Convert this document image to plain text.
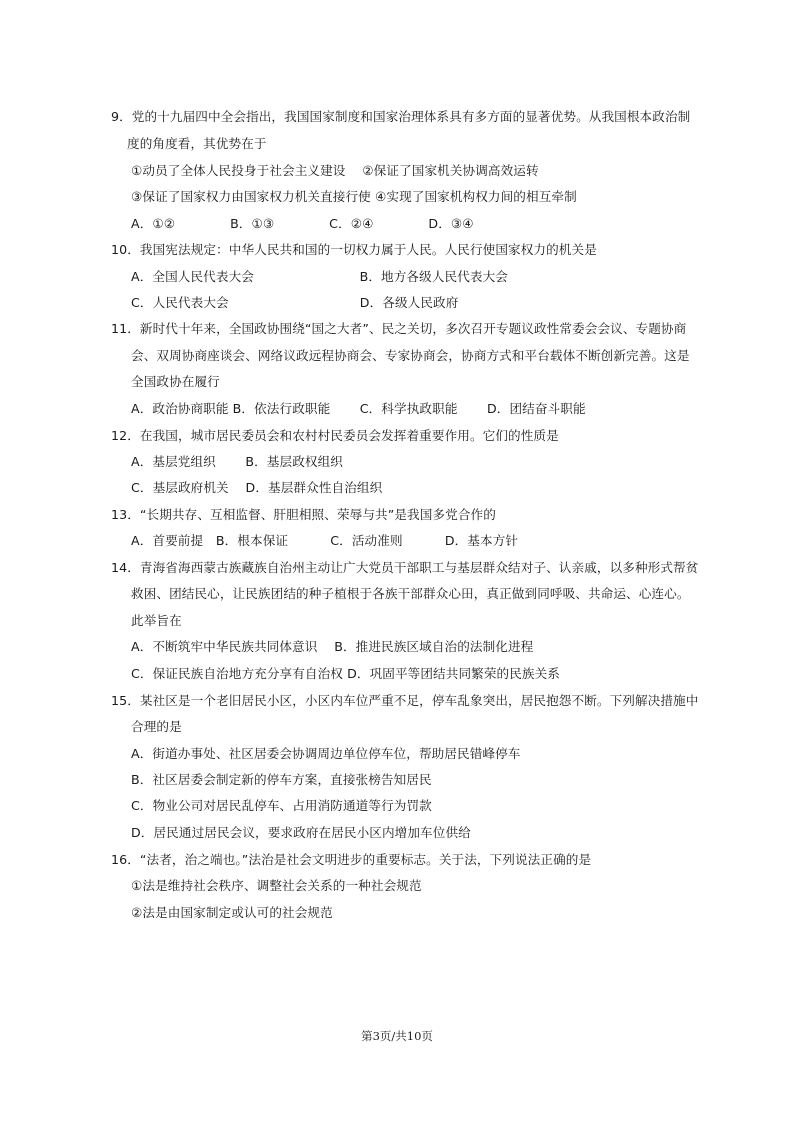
9．党的十九届四中全会指出，我国国家制度和国家治理体系具有多方面的显著优势。从我国根本政治制
度的角度看，其优势在于
①动员了全体人民投身于社会主义建设　 ②保证了国家机关协调高效运转
③保证了国家权力由国家权力机关直接行使 ④实现了国家机构权力间的相互牵制
A．①②　　　　 B．①③　　　　 C．②④　　　　 D．③④
10．我国宪法规定：中华人民共和国的一切权力属于人民。人民行使国家权力的机关是
A．全国人民代表大会　　　　　　　　 B．地方各级人民代表大会
C．人民代表大会　　　　　　　　　　 D．各级人民政府
11．新时代十年来，全国政协围绕“国之大者”、民之关切，多次召开专题议政性常委会会议、专题协商
会、双周协商座谈会、网络议政远程协商会、专家协商会，协商方式和平台载体不断创新完善。这是
全国政协在履行
A．政治协商职能 B．依法行政职能　　 C．科学执政职能　　 D．团结奋斗职能
12．在我国，城市居民委员会和农村村民委员会发挥着重要作用。它们的性质是
A．基层党组织　　 B．基层政权组织
C．基层政府机关　 D．基层群众性自治组织
13．“长期共存、互相监督、肝胆相照、荣辱与共”是我国多党合作的
A．首要前提　B．根本保证　　　 C．活动准则　　　 D．基本方针
14．青海省海西蒙古族藏族自治州主动让广大党员干部职工与基层群众结对子、认亲戚，以多种形式帮贫
救困、团结民心，让民族团结的种子植根于各族干部群众心田，真正做到同呼吸、共命运、心连心。
此举旨在
A．不断筑牢中华民族共同体意识　 B．推进民族区域自治的法制化进程
C．保证民族自治地方充分享有自治权 D．巩固平等团结共同繁荣的民族关系
15．某社区是一个老旧居民小区，小区内车位严重不足，停车乱象突出，居民抱怨不断。下列解决措施中
合理的是
A．街道办事处、社区居委会协调周边单位停车位，帮助居民错峰停车
B．社区居委会制定新的停车方案，直接张榜告知居民
C．物业公司对居民乱停车、占用消防通道等行为罚款
D．居民通过居民会议，要求政府在居民小区内增加车位供给
16．“法者，治之端也。”法治是社会文明进步的重要标志。关于法，下列说法正确的是
①法是维持社会秩序、调整社会关系的一种社会规范
②法是由国家制定或认可的社会规范
第3页/共10页
